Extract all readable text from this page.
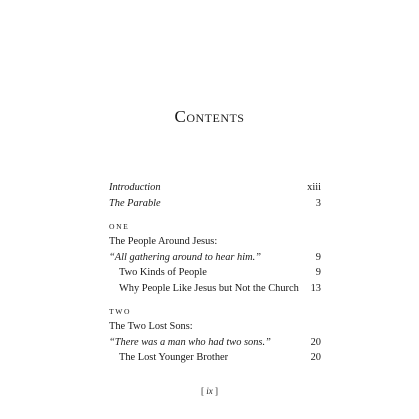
Contents
Introduction	xiii
The Parable	3
ONE
The People Around Jesus:
“All gathering around to hear him.”	9
Two Kinds of People	9
Why People Like Jesus but Not the Church 13
TWO
The Two Lost Sons:
“There was a man who had two sons.”	20
The Lost Younger Brother	20
[ ix ]
